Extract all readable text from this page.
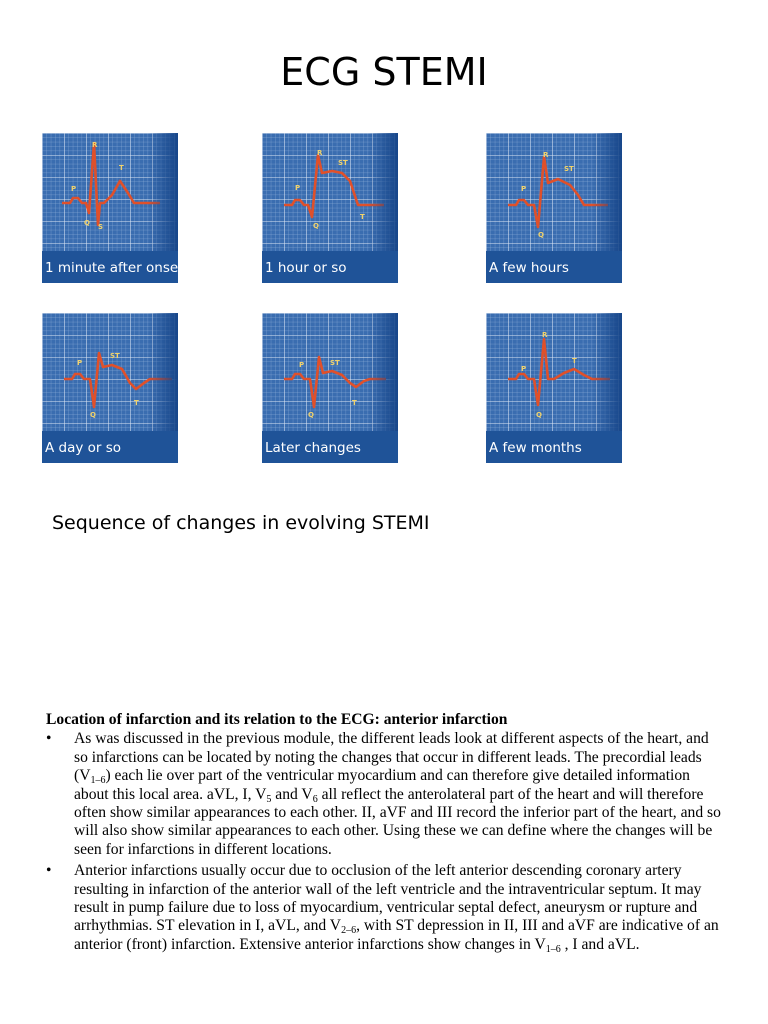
ECG STEMI
R
T
P
Q S
1 minute after onset
R
ST
P
Q
T
1 hour or so
R
ST
P
Q
A few hours
P
ST
Q
T
A day or so
P	ST
Q
T
Later changes
R
P
T
Q
A few months
Sequence of changes in evolving STEMI
Location of infarction and its relation to the ECG: anterior infarction
• As was discussed in the previous module, the different leads look at different aspects of the heart, and so infarctions can be located by noting the changes that occur in different leads. The precordial leads $(V_{1-6})$ each lie over part of the ventricular myocardium and can therefore give detailed information about this local area. aVL, I, $V_5$ and $V_6$ all reflect the anterolateral part of the heart and will therefore often show similar appearances to each other. II, aVF and III record the inferior part of the heart, and so will also show similar appearances to each other. Using these we can define where the changes will be seen for infarctions in different locations.
• Anterior infarctions usually occur due to occlusion of the left anterior descending coronary artery resulting in infarction of the anterior wall of the left ventricle and the intraventricular septum. It may result in pump failure due to loss of myocardium, ventricular septal defect, aneurysm or rupture and arrhythmias. ST elevation in I, aVL, and $V_{2-6}$, with ST depression in II, III and aVF are indicative of an anterior (front) infarction. Extensive anterior infarctions show changes in $V_{1-6}$ , I and aVL.
